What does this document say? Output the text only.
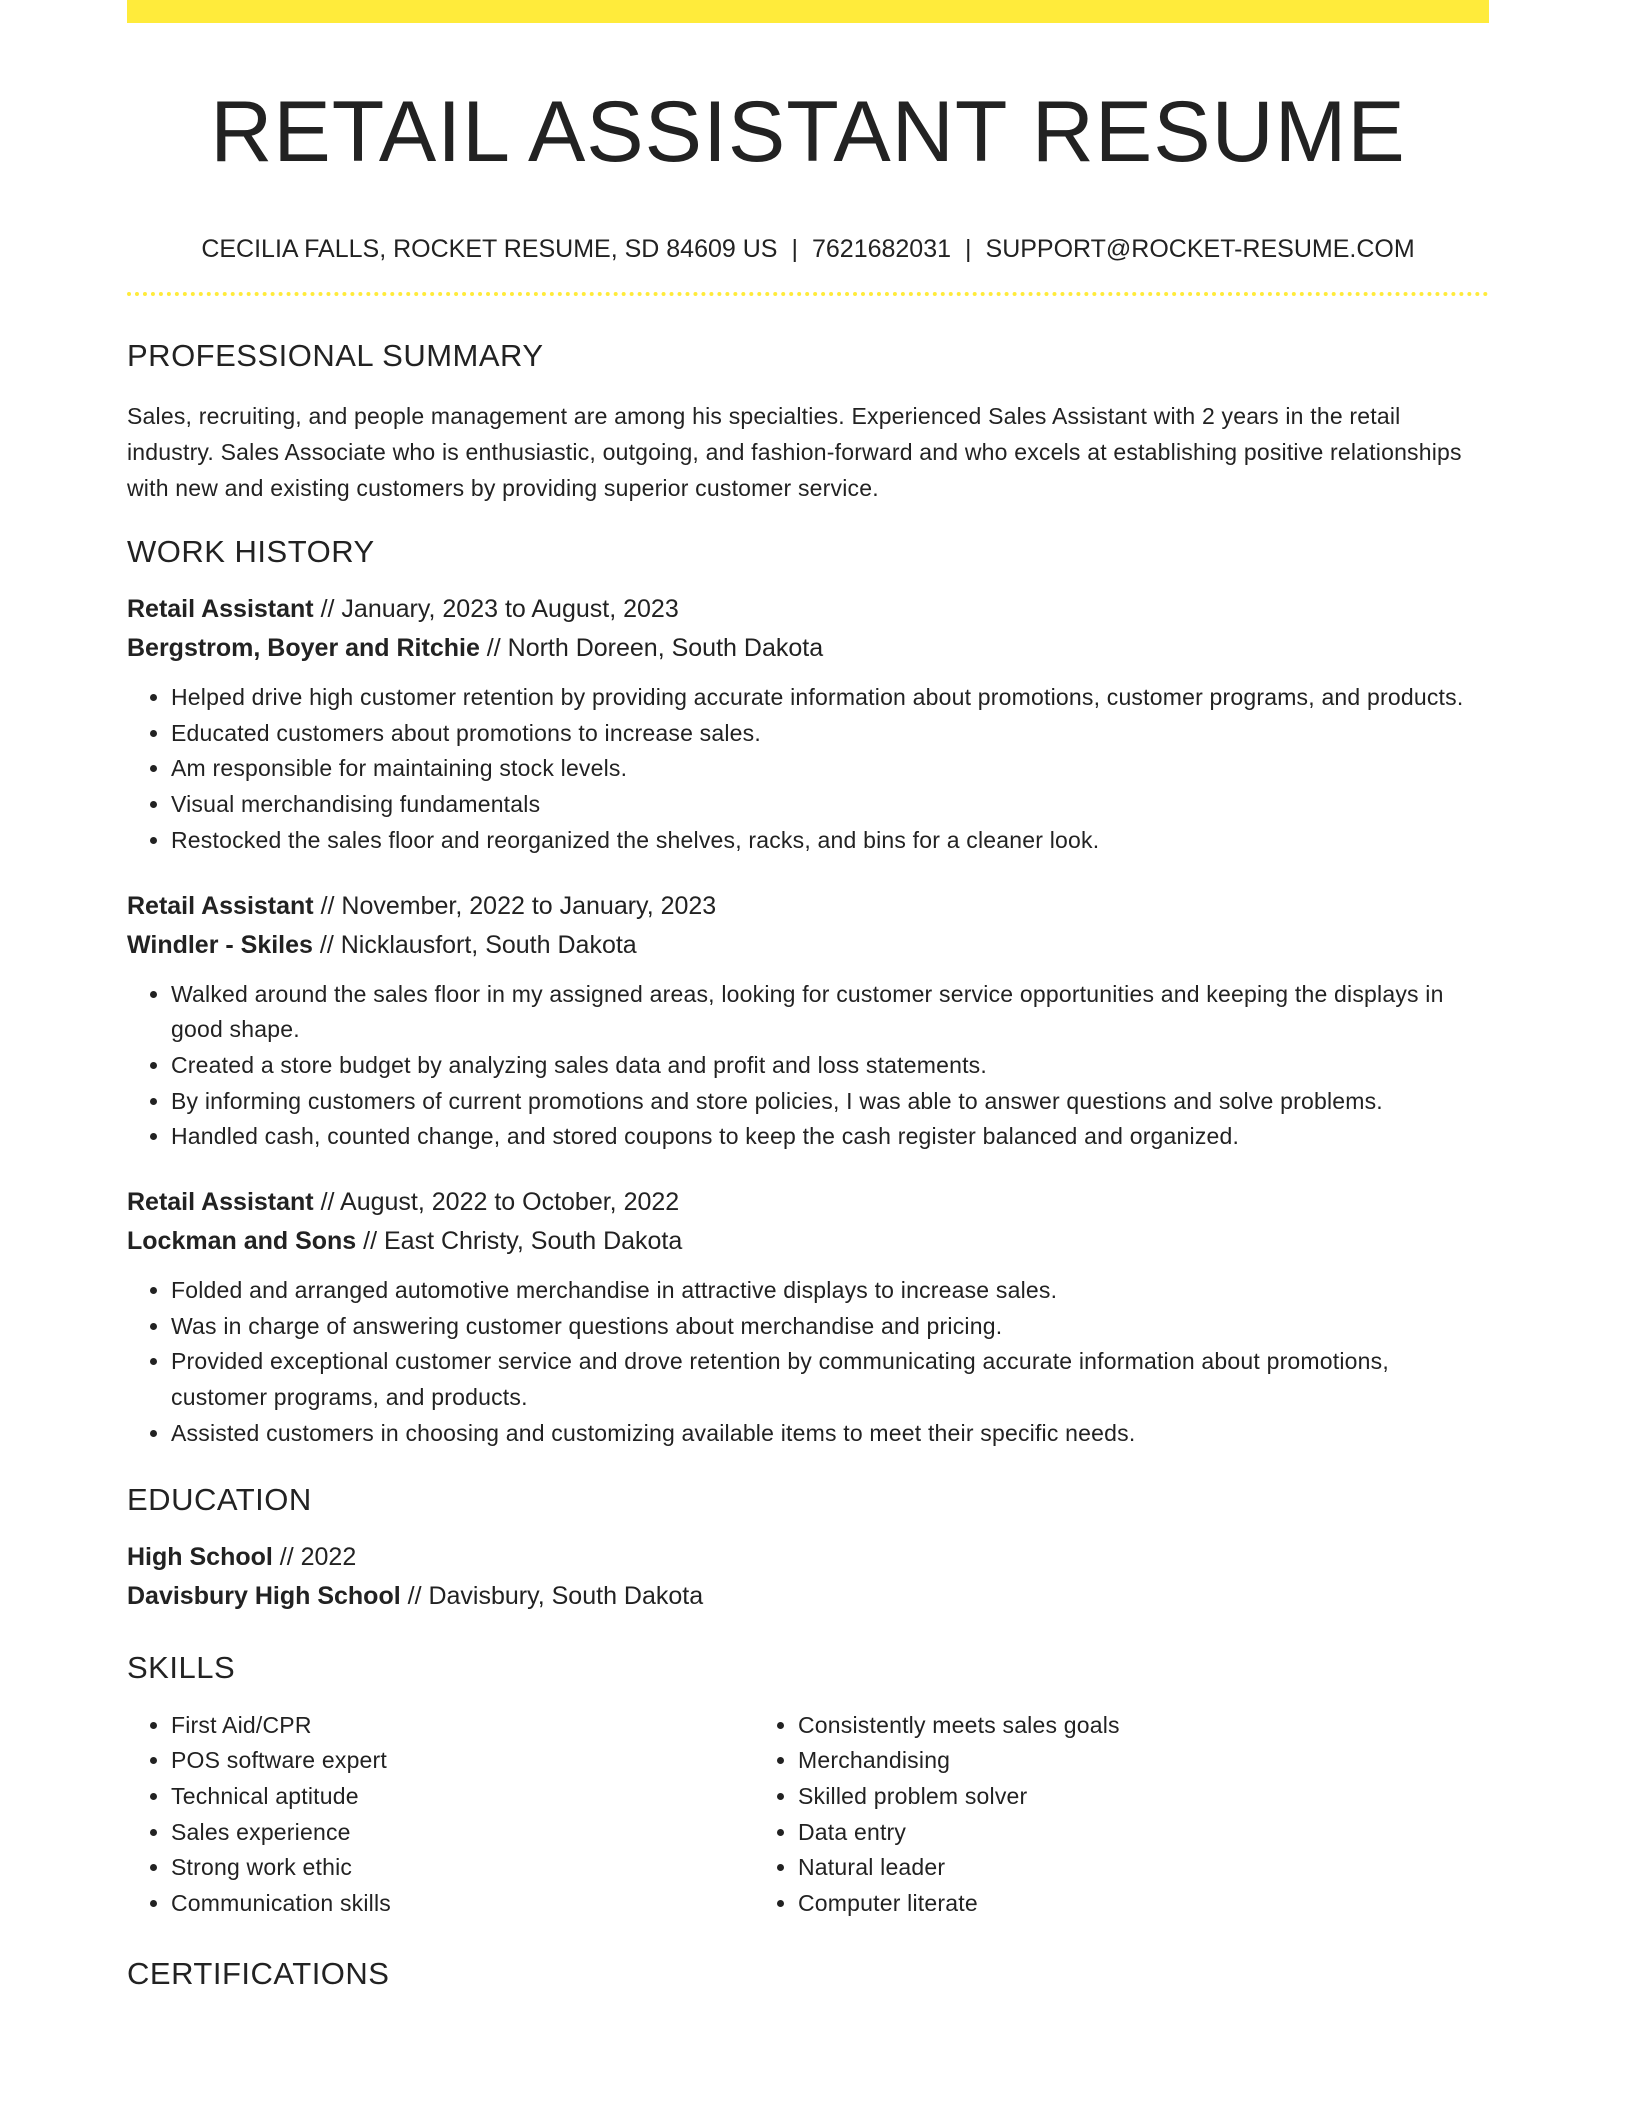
RETAIL ASSISTANT RESUME
CECILIA FALLS, ROCKET RESUME, SD 84609 US | 7621682031 | SUPPORT@ROCKET-RESUME.COM
PROFESSIONAL SUMMARY

Sales, recruiting, and people management are among his specialties. Experienced Sales Assistant with 2 years in the retail industry. Sales Associate who is enthusiastic, outgoing, and fashion-forward and who excels at establishing positive relationships with new and existing customers by providing superior customer service.

WORK HISTORY
Retail Assistant // January, 2023 to August, 2023
Bergstrom, Boyer and Ritchie // North Doreen, South Dakota
• Helped drive high customer retention by providing accurate information about promotions, customer programs, and products.
• Educated customers about promotions to increase sales.
• Am responsible for maintaining stock levels.
• Visual merchandising fundamentals
• Restocked the sales floor and reorganized the shelves, racks, and bins for a cleaner look.
Retail Assistant // November, 2022 to January, 2023
Windler - Skiles // Nicklausfort, South Dakota
• Walked around the sales floor in my assigned areas, looking for customer service opportunities and keeping the displays in good shape.
• Created a store budget by analyzing sales data and profit and loss statements.
• By informing customers of current promotions and store policies, I was able to answer questions and solve problems.
• Handled cash, counted change, and stored coupons to keep the cash register balanced and organized.
Retail Assistant // August, 2022 to October, 2022
Lockman and Sons // East Christy, South Dakota
• Folded and arranged automotive merchandise in attractive displays to increase sales.
• Was in charge of answering customer questions about merchandise and pricing.
• Provided exceptional customer service and drove retention by communicating accurate information about promotions, customer programs, and products.
• Assisted customers in choosing and customizing available items to meet their specific needs.
EDUCATION
High School // 2022
Davisbury High School // Davisbury, South Dakota
SKILLS
• First Aid/CPR
• POS software expert
• Technical aptitude
• Sales experience
• Strong work ethic
• Communication skills
• Consistently meets sales goals
• Merchandising
• Skilled problem solver
• Data entry
• Natural leader
• Computer literate
CERTIFICATIONS
